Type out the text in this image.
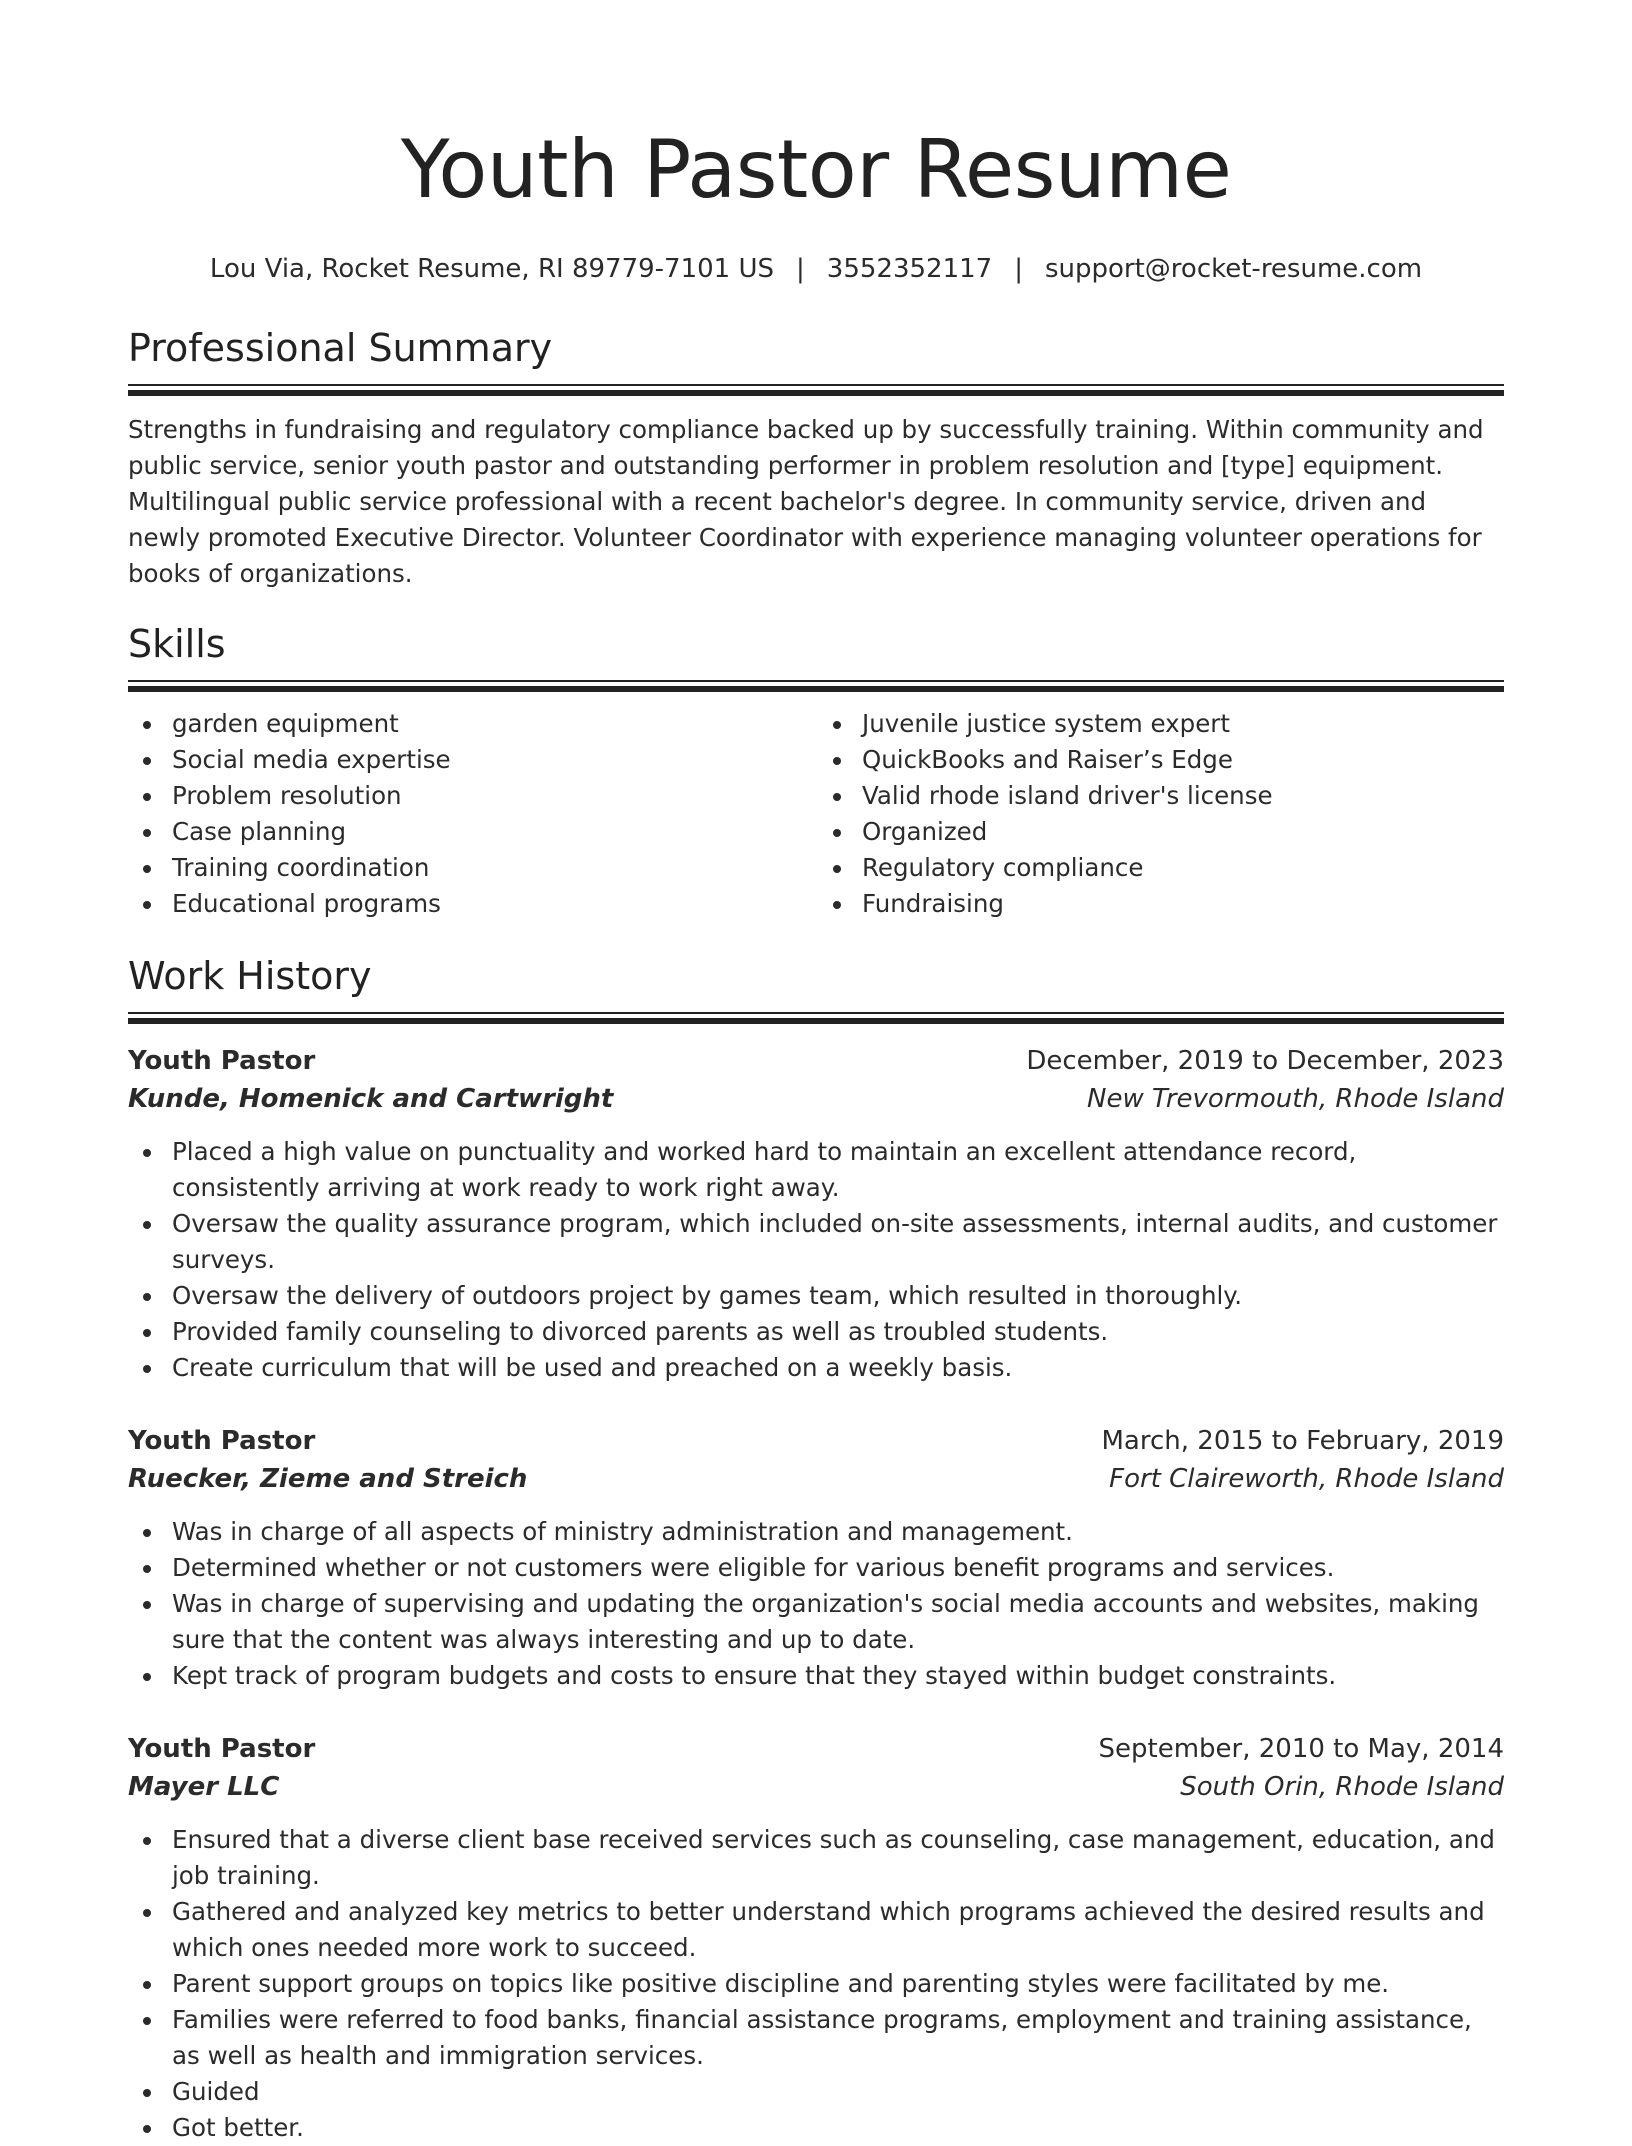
Youth Pastor Resume
Lou Via, Rocket Resume, RI 89779-7101 US | 3552352117 | support@rocket-resume.com
Professional Summary

Strengths in fundraising and regulatory compliance backed up by successfully training. Within community and public service, senior youth pastor and outstanding performer in problem resolution and [type] equipment. Multilingual public service professional with a recent bachelor's degree. In community service, driven and newly promoted Executive Director. Volunteer Coordinator with experience managing volunteer operations for books of organizations.

Skills
garden equipment
Social media expertise
Problem resolution
Case planning
Training coordination
Educational programs
Juvenile justice system expert
QuickBooks and Raiser’s Edge
Valid rhode island driver's license
Organized
Regulatory compliance
Fundraising
Work History
Youth Pastor	December, 2019 to December, 2023
Kunde, Homenick and Cartwright	New Trevormouth, Rhode Island
Placed a high value on punctuality and worked hard to maintain an excellent attendance record, consistently arriving at work ready to work right away.
Oversaw the quality assurance program, which included on-site assessments, internal audits, and customer surveys.
Oversaw the delivery of outdoors project by games team, which resulted in thoroughly.
Provided family counseling to divorced parents as well as troubled students.
Create curriculum that will be used and preached on a weekly basis.
Youth Pastor	March, 2015 to February, 2019
Ruecker, Zieme and Streich	Fort Claireworth, Rhode Island
Was in charge of all aspects of ministry administration and management.
Determined whether or not customers were eligible for various benefit programs and services.
Was in charge of supervising and updating the organization's social media accounts and websites, making sure that the content was always interesting and up to date.
Kept track of program budgets and costs to ensure that they stayed within budget constraints.
Youth Pastor	September, 2010 to May, 2014
Mayer LLC	South Orin, Rhode Island
Ensured that a diverse client base received services such as counseling, case management, education, and job training.
Gathered and analyzed key metrics to better understand which programs achieved the desired results and which ones needed more work to succeed.
Parent support groups on topics like positive discipline and parenting styles were facilitated by me.
Families were referred to food banks, financial assistance programs, employment and training assistance, as well as health and immigration services.
Guided
Got better.
